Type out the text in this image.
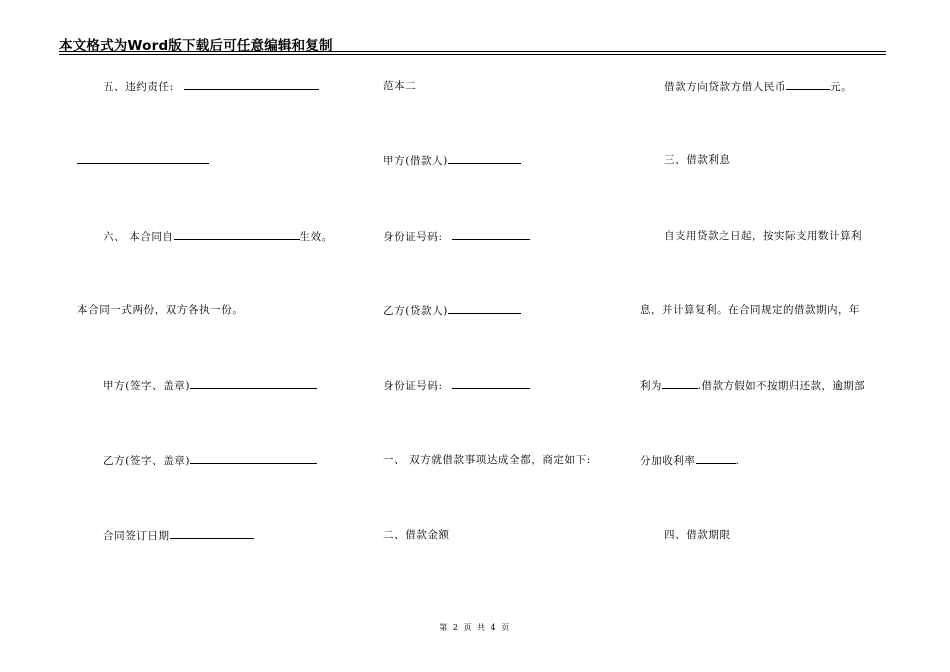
本文格式为Word版下载后可任意编辑和复制
五、违约责任:
六、 本合同自	生效。
本合同一式两份，双方各执一份。
甲方(签字、盖章)
乙方(签字、盖章)
合同签订日期
范本二
甲方(借款人)
身份证号码:
乙方(贷款人)
身份证号码:
一、 双方就借款事项达成全都，商定如下:
二、借款金额
借款方向贷款方借人民币	元。
三、借款利息
自支用贷款之日起，按实际支用数计算利
息，并计算复利。在合同规定的借款期内，年
利为	.借款方假如不按期归还款，逾期部
分加收利率	.
四、借款期限
第 2 页 共 4 页
